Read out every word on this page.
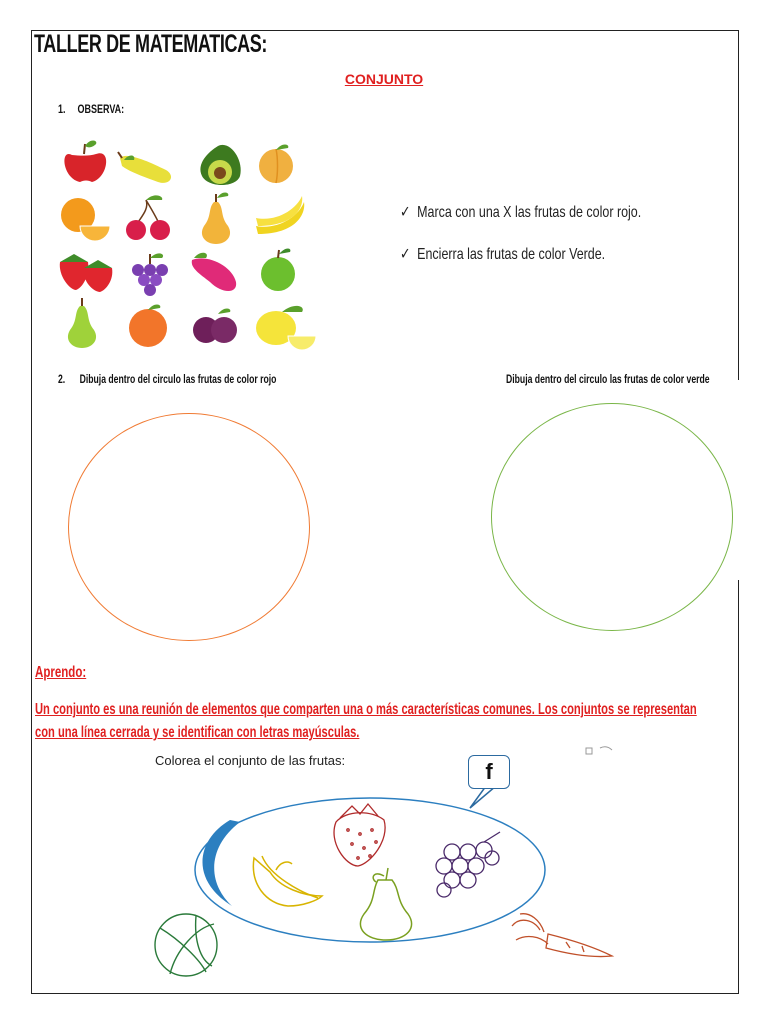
TALLER DE MATEMATICAS:
CONJUNTO
1. OBSERVA:
✓ Marca con una X las frutas de color rojo.
✓ Encierra las frutas de color Verde.
2. Dibuja dentro del circulo las frutas de color rojo	Dibuja dentro del circulo las frutas de color verde
Aprendo:
Un conjunto es una reunión de elementos que comparten una o más características comunes. Los conjuntos se representan con una línea cerrada y se identifican con letras mayúsculas.
Colorea el conjunto de las frutas:	f
